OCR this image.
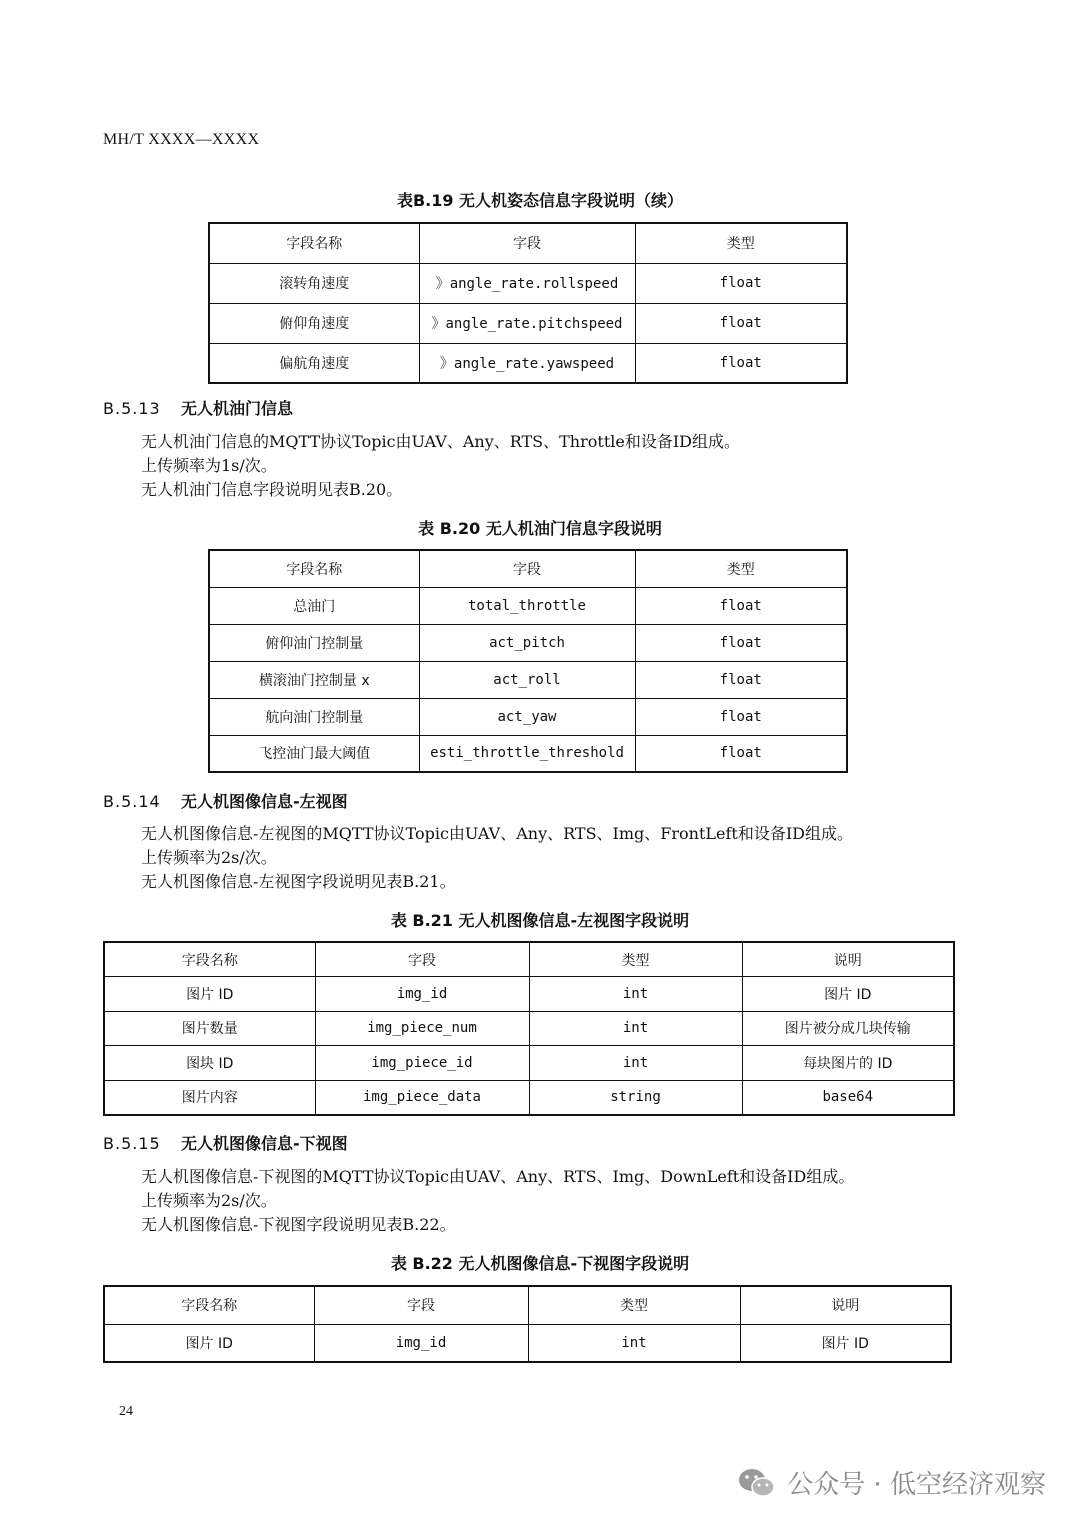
MH/T XXXX—XXXX
表B.19 无人机姿态信息字段说明（续）
字段名称	字段	类型
滚转角速度	》angle_rate.rollspeed	float
俯仰角速度	》angle_rate.pitchspeed	float
偏航角速度	》angle_rate.yawspeed	float
B.5.13 无人机油门信息
无人机油门信息的MQTT协议Topic由UAV、Any、RTS、Throttle和设备ID组成。
上传频率为1s/次。
无人机油门信息字段说明见表B.20。
表 B.20 无人机油门信息字段说明
字段名称	字段	类型
总油门	total_throttle	float
俯仰油门控制量	act_pitch	float
横滚油门控制量 x	act_roll	float
航向油门控制量	act_yaw	float
飞控油门最大阈值	esti_throttle_threshold	float
B.5.14 无人机图像信息-左视图
无人机图像信息-左视图的MQTT协议Topic由UAV、Any、RTS、Img、FrontLeft和设备ID组成。
上传频率为2s/次。
无人机图像信息-左视图字段说明见表B.21。
表 B.21 无人机图像信息-左视图字段说明
字段名称	字段	类型	说明
图片 ID	img_id	int	图片 ID
图片数量	img_piece_num	int	图片被分成几块传输
图块 ID	img_piece_id	int	每块图片的 ID
图片内容	img_piece_data	string	base64
B.5.15 无人机图像信息-下视图
无人机图像信息-下视图的MQTT协议Topic由UAV、Any、RTS、Img、DownLeft和设备ID组成。
上传频率为2s/次。
无人机图像信息-下视图字段说明见表B.22。
表 B.22 无人机图像信息-下视图字段说明
字段名称	字段	类型	说明
图片 ID	img_id	int	图片 ID
24
公众号 · 低空经济观察
